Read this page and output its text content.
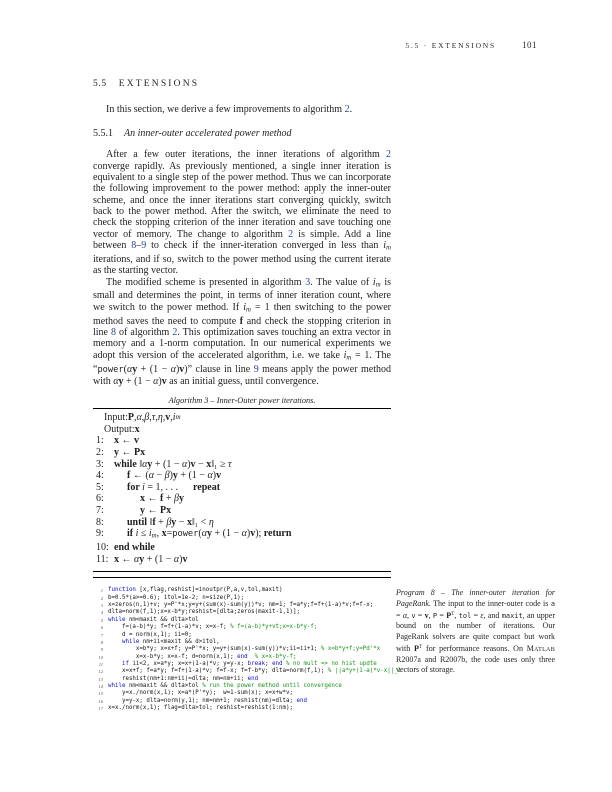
5.5 · EXTENSIONS	101
5.5 EXTENSIONS

In this section, we derive a few improvements to algorithm 2.

5.5.1 An inner-outer accelerated power method

After a few outer iterations, the inner iterations of algorithm 2 converge rapidly. As previously mentioned, a single inner iteration is equivalent to a single step of the power method. Thus we can incorporate the following improvement to the power method: apply the inner-outer scheme, and once the inner iterations start converging quickly, switch back to the power method. After the switch, we eliminate the need to check the stopping criterion of the inner iteration and save touching one vector of memory. The change to algorithm 2 is simple. Add a line between 8–9 to check if the inner-iteration converged in less than im iterations, and if so, switch to the power method using the current iterate as the starting vector.

The modified scheme is presented in algorithm 3. The value of im is small and determines the point, in terms of inner iteration count, where we switch to the power method. If im = 1 then switching to the power method saves the need to compute f and check the stopping criterion in line 8 of algorithm 2. This optimization saves touching an extra vector in memory and a 1-norm computation. In our numerical experiments we adopt this version of the accelerated algorithm, i.e. we take im = 1. The “power(αy + (1 − α)v)” clause in line 9 means apply the power method with αy + (1 − α)v as an initial guess, until convergence.

Algorithm 3 – Inner-Outer power iterations.
Input: P , α , β , τ , η , v , i m
Output: x
1:	x ← v
2:	y ← Px
3:	while ‖αy + (1 − α)v − x‖₁ ≥ τ
4:	f ← (α − β)y + (1 − α)v
5:	for i = 1, . . .      repeat
6:	x ← f + βy
7:	y ← Px
8:	until ‖f + βy − x‖₁ < η
9:	if i ≤ im, x=power(αy + (1 − α)v); return
10: end while
11: x ← αy + (1 − α)v
1 function [x,flag,reshist]=inoutpr(P,a,v,tol,maxit)
2 b=0.5*(a>=0.6); itol=1e-2; n=size(P,1);
3 x=zeros(n,1)+v; y=P'*x;y=y+(sum(x)-sum(y))*v; nm=1; f=a*y;f=f+(1-a)*v;f=f-x;
4 dlta=norm(f,1);x=x-b*y;reshist=[dlta;zeros(maxit-1,1)];
5 while nm<maxit && dlta>tol
6 f=(a-b)*y; f=f+(1-a)*v; x=x-f; % f=(a-b)*y+vt;x=x-b*y-f;
7 d = norm(x,1); ii=0;
8	while nm+ii<maxit && d>itol,
9 x=b*y; x=x+f; y=P'*x; y=y+(sum(x)-sum(y))*v;ii=ii+1; % x=b*y+f;y=Pd'*x
10 x=x-b*y; x=x-f; d=norm(x,1); end % x=x-b*y-f;
11	if ii<2, x=a*y; x=x+(1-a)*v; y=y-x; break; end % no mult => no hist updte
12 x=x+f; f=a*y; f=f+(1-a)*v; f=f-x; f=f-b*y; dlta=norm(f,1); % ||a*y+(1-a)*v-x||_1
13 reshist(nm+1:nm+ii)=dlta; nm=nm+ii; end
14 while nm<maxit && dlta>tol % run the power method until convergence
15 y=x./norm(x,1); x=a*(P'*y);  w=1-sum(x); x=x+w*v;
16 y=y-x; dlta=norm(y,1); nm=nm+1; reshist(nm)=dlta; end
17 x=x./norm(x,1); flag=dlta>tol; reshist=reshist(1:nm);
Program 8 – The inner-outer iteration for PageRank. The input to the inner-outer code is a = α, v = v, $P = P^T$, tol = ε, and maxit, an upper bound on the number of iterations. Our PageRank solvers are quite compact but work with $P^T$ for performance reasons. On Matlab R2007a and R2007b, the code uses only three vectors of storage.
